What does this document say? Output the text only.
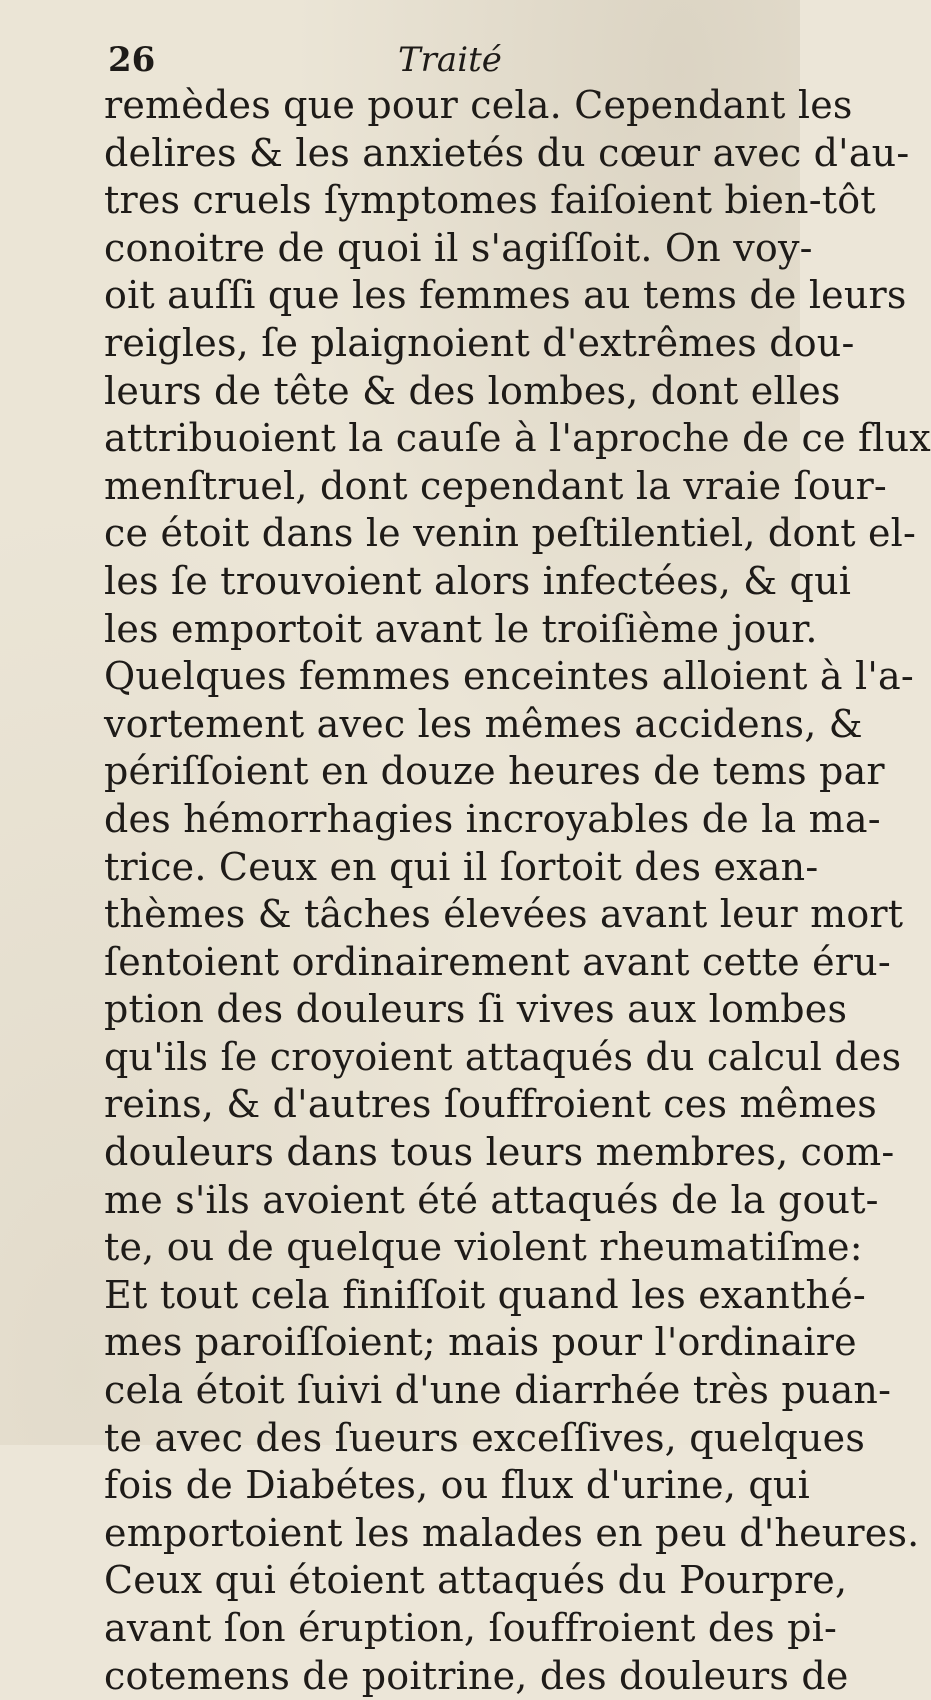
26	Traité
remèdes que pour cela. Cependant les
delires & les anxietés du cœur avec d'au-
tres cruels ſymptomes faiſoient bien-tôt
conoitre de quoi il s'agiſſoit. On voy-
oit auſſi que les femmes au tems de leurs
reigles, ſe plaignoient d'extrêmes dou-
leurs de tête & des lombes, dont elles
attribuoient la cauſe à l'aproche de ce flux
menſtruel, dont cependant la vraie ſour-
ce étoit dans le venin peſtilentiel, dont el-
les ſe trouvoient alors infectées, & qui
les emportoit avant le troiſième jour.
Quelques femmes enceintes alloient à l'a-
vortement avec les mêmes accidens, &
périſſoient en douze heures de tems par
des hémorrhagies incroyables de la ma-
trice. Ceux en qui il ſortoit des exan-
thèmes & tâches élevées avant leur mort
ſentoient ordinairement avant cette éru-
ption des douleurs ſi vives aux lombes
qu'ils ſe croyoient attaqués du calcul des
reins, & d'autres ſouffroient ces mêmes
douleurs dans tous leurs membres, com-
me s'ils avoient été attaqués de la gout-
te, ou de quelque violent rheumatiſme:
Et tout cela finiſſoit quand les exanthé-
mes paroiſſoient; mais pour l'ordinaire
cela étoit ſuivi d'une diarrhée très puan-
te avec des ſueurs exceſſives, quelques
fois de Diabétes, ou flux d'urine, qui
emportoient les malades en peu d'heures.
Ceux qui étoient attaqués du Pourpre,
avant ſon éruption, ſouffroient des pi-
cotemens de poitrine, des douleurs de
